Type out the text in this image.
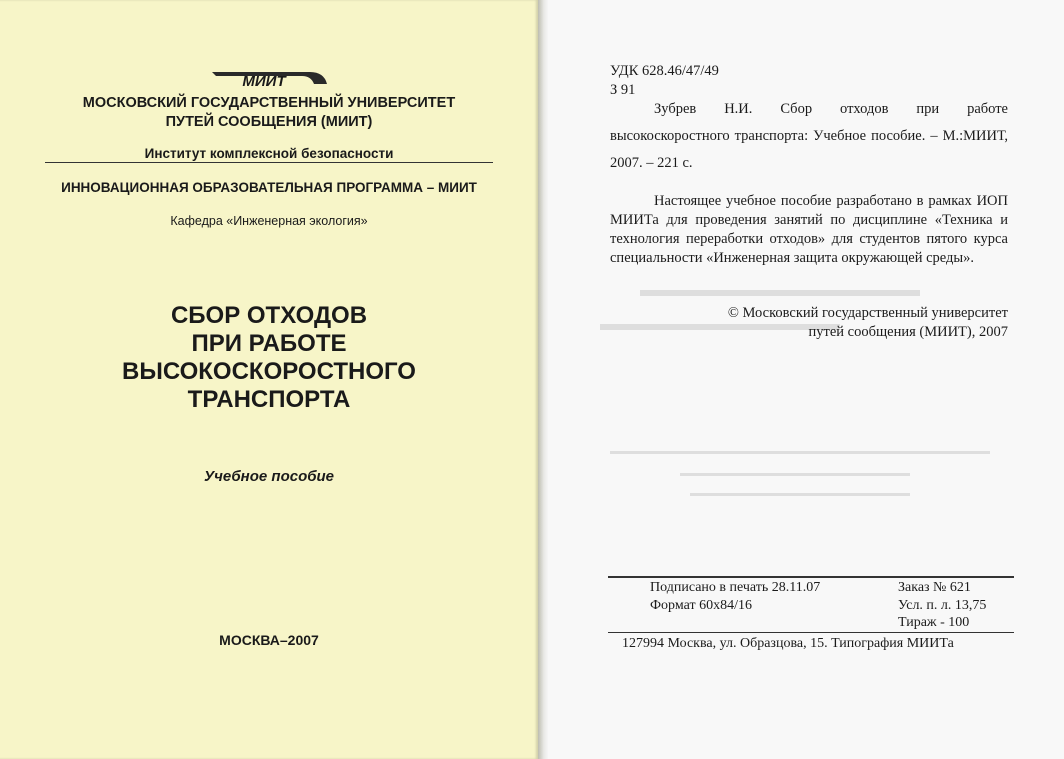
МИИТ
МОСКОВСКИЙ ГОСУДАРСТВЕННЫЙ УНИВЕРСИТЕТ
ПУТЕЙ СООБЩЕНИЯ (МИИТ)
Институт комплексной безопасности
ИННОВАЦИОННАЯ ОБРАЗОВАТЕЛЬНАЯ ПРОГРАММА – МИИТ
Кафедра «Инженерная экология»
СБОР ОТХОДОВ
ПРИ РАБОТЕ
ВЫСОКОСКОРОСТНОГО
ТРАНСПОРТА
Учебное пособие
МОСКВА–2007
▬▬▬▬▬▬▬▬▬▬▬▬▬▬
▬▬▬▬▬▬▬▬▬▬▬▬
▬▬▬▬▬▬▬▬▬▬▬▬▬▬▬▬▬▬▬▬▬▬▬▬▬▬▬▬▬▬▬▬▬▬▬▬▬▬
▬▬▬▬▬▬▬▬▬▬▬▬▬▬▬▬▬▬▬▬▬▬▬
▬▬▬▬▬▬▬▬▬▬▬▬▬▬▬▬▬▬▬▬▬▬
УДК 628.46/47/49
З 91
Зубрев Н.И. Сбор отходов при работе высокоскоростного транспорта: Учебное пособие. – М.:МИИТ, 2007. – 221 с.
Настоящее учебное пособие разработано в рамках ИОП МИИТа для проведения занятий по дисциплине «Техника и технология переработки отходов» для студентов пятого курса специальности «Инженерная защита окружающей среды».
© Московский государственный университет
путей сообщения (МИИТ), 2007
Подписано в печать 28.11.07	Заказ № 621
Формат 60х84/16	Усл. п. л. 13,75
Тираж - 100
127994 Москва, ул. Образцова, 15. Типография МИИТа
